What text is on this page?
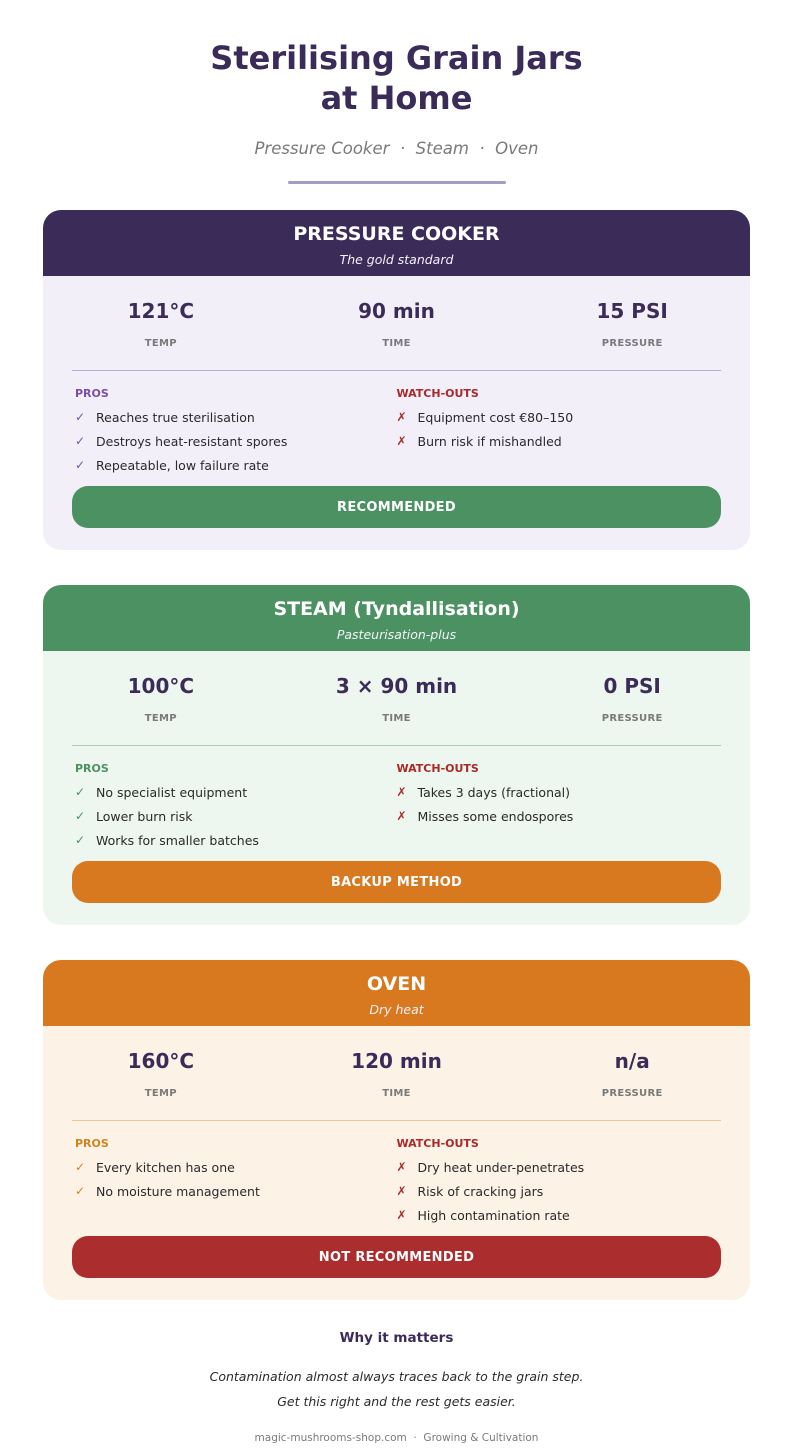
Sterilising Grain Jars
at Home
Pressure Cooker  ·  Steam  ·  Oven
PRESSURE COOKER
The gold standard
121°C
TEMP
90 min
TIME
15 PSI
PRESSURE
PROS
✓ Reaches true sterilisation
✓ Destroys heat-resistant spores
✓ Repeatable, low failure rate
WATCH-OUTS
✗ Equipment cost €80–150
✗ Burn risk if mishandled
RECOMMENDED
STEAM (Tyndallisation)
Pasteurisation-plus
100°C
TEMP
3 × 90 min
TIME
0 PSI
PRESSURE
PROS
✓ No specialist equipment
✓ Lower burn risk
✓ Works for smaller batches
WATCH-OUTS
✗ Takes 3 days (fractional)
✗ Misses some endospores
BACKUP METHOD
OVEN
Dry heat
160°C
TEMP
120 min
TIME
n/a
PRESSURE
PROS
✓ Every kitchen has one
✓ No moisture management
WATCH-OUTS
✗ Dry heat under-penetrates
✗ Risk of cracking jars
✗ High contamination rate
NOT RECOMMENDED
Why it matters
Contamination almost always traces back to the grain step.
Get this right and the rest gets easier.
magic-mushrooms-shop.com  ·  Growing & Cultivation
